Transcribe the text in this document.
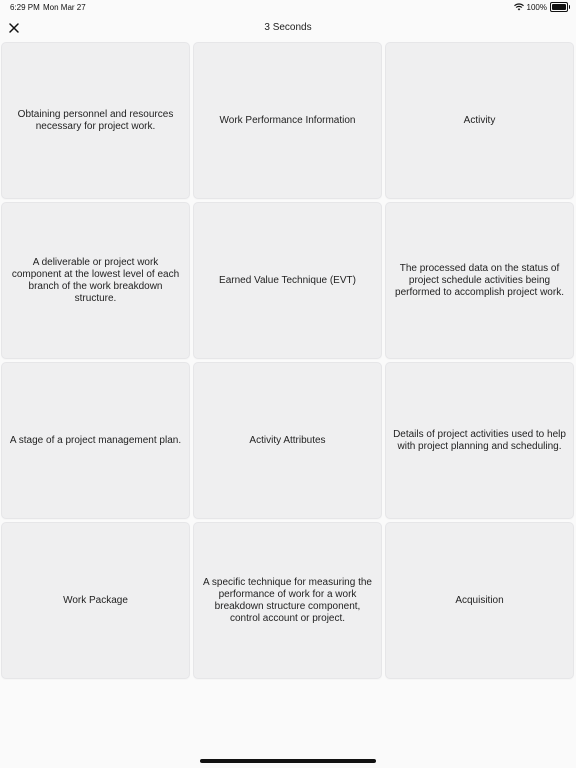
6:29 PM Mon Mar 27	100%
3 Seconds
Obtaining personnel and resources necessary for project work.
Work Performance Information	Activity
A deliverable or project work component at the lowest level of each branch of the work breakdown structure.
Earned Value Technique (EVT)
The processed data on the status of project schedule activities being performed to accomplish project work.
A stage of a project management plan.	Activity Attributes
Details of project activities used to help with project planning and scheduling.
Work Package
A specific technique for measuring the performance of work for a work breakdown structure component, control account or project.
Acquisition
